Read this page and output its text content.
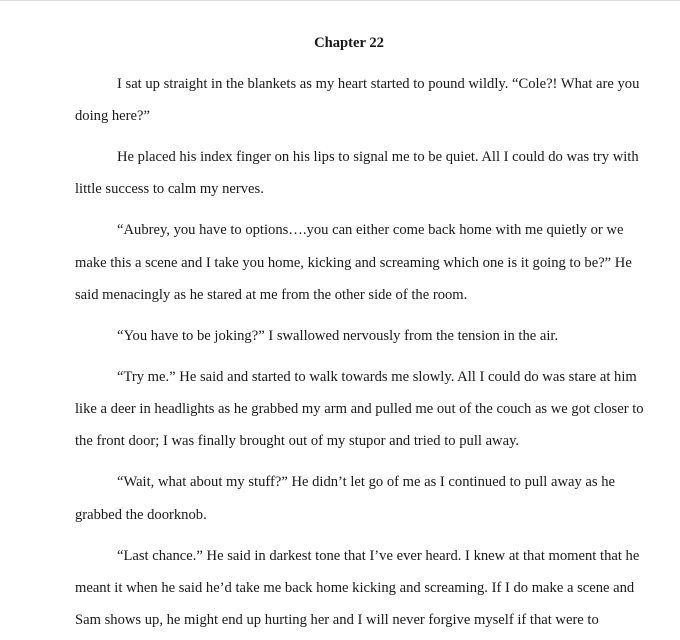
Chapter 22
I sat up straight in the blankets as my heart started to pound wildly. “Cole?! What are you
doing here?”
He placed his index finger on his lips to signal me to be quiet. All I could do was try with
little success to calm my nerves.
“Aubrey, you have to options….you can either come back home with me quietly or we
make this a scene and I take you home, kicking and screaming which one is it going to be?” He
said menacingly as he stared at me from the other side of the room.
“You have to be joking?” I swallowed nervously from the tension in the air.
“Try me.” He said and started to walk towards me slowly. All I could do was stare at him
like a deer in headlights as he grabbed my arm and pulled me out of the couch as we got closer to
the front door; I was finally brought out of my stupor and tried to pull away.
“Wait, what about my stuff?” He didn’t let go of me as I continued to pull away as he
grabbed the doorknob.
“Last chance.” He said in darkest tone that I’ve ever heard. I knew at that moment that he
meant it when he said he’d take me back home kicking and screaming. If I do make a scene and
Sam shows up, he might end up hurting her and I will never forgive myself if that were to
